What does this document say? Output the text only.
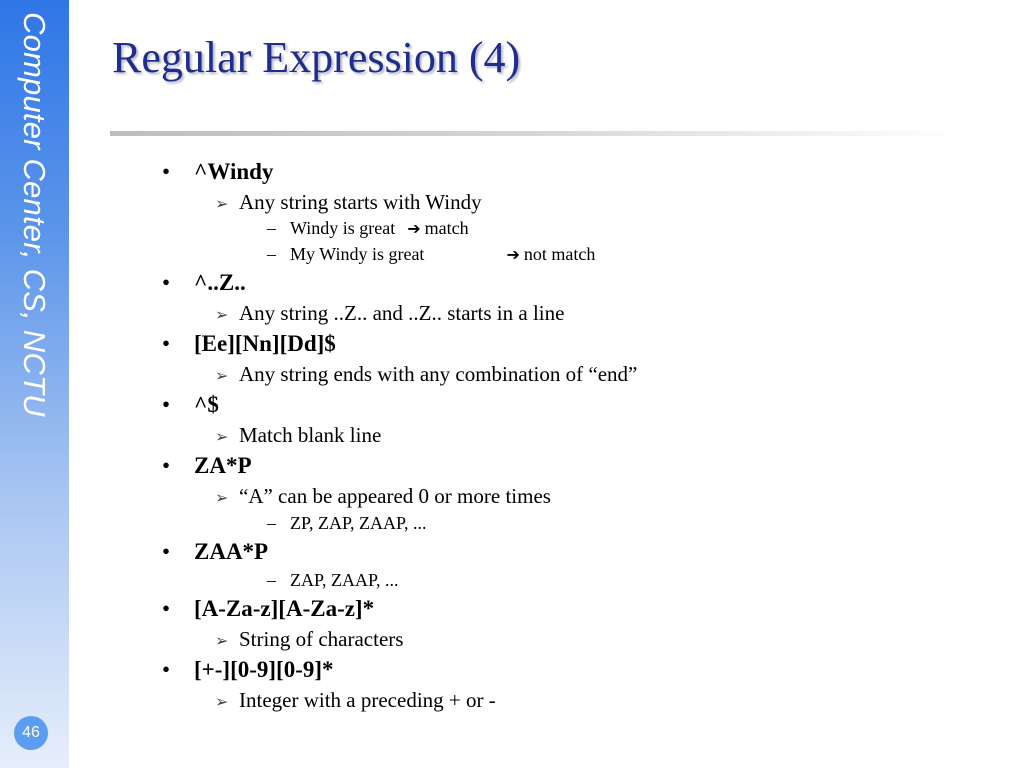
Computer Center, CS, NCTU
46
Regular Expression (4)
• ^Windy
➢ Any string starts with Windy
– Windy is great ➔ match
– My Windy is great	➔ not match
• ^..Z..
➢ Any string ..Z.. and ..Z.. starts in a line
• [Ee][Nn][Dd]$
➢ Any string ends with any combination of “end”
• ^$
➢ Match blank line
• ZA*P
➢ “A” can be appeared 0 or more times
– ZP, ZAP, ZAAP, ...
• ZAA*P
– ZAP, ZAAP, ...
• [A-Za-z][A-Za-z]*
➢ String of characters
• [+-][0-9][0-9]*
➢ Integer with a preceding + or -
